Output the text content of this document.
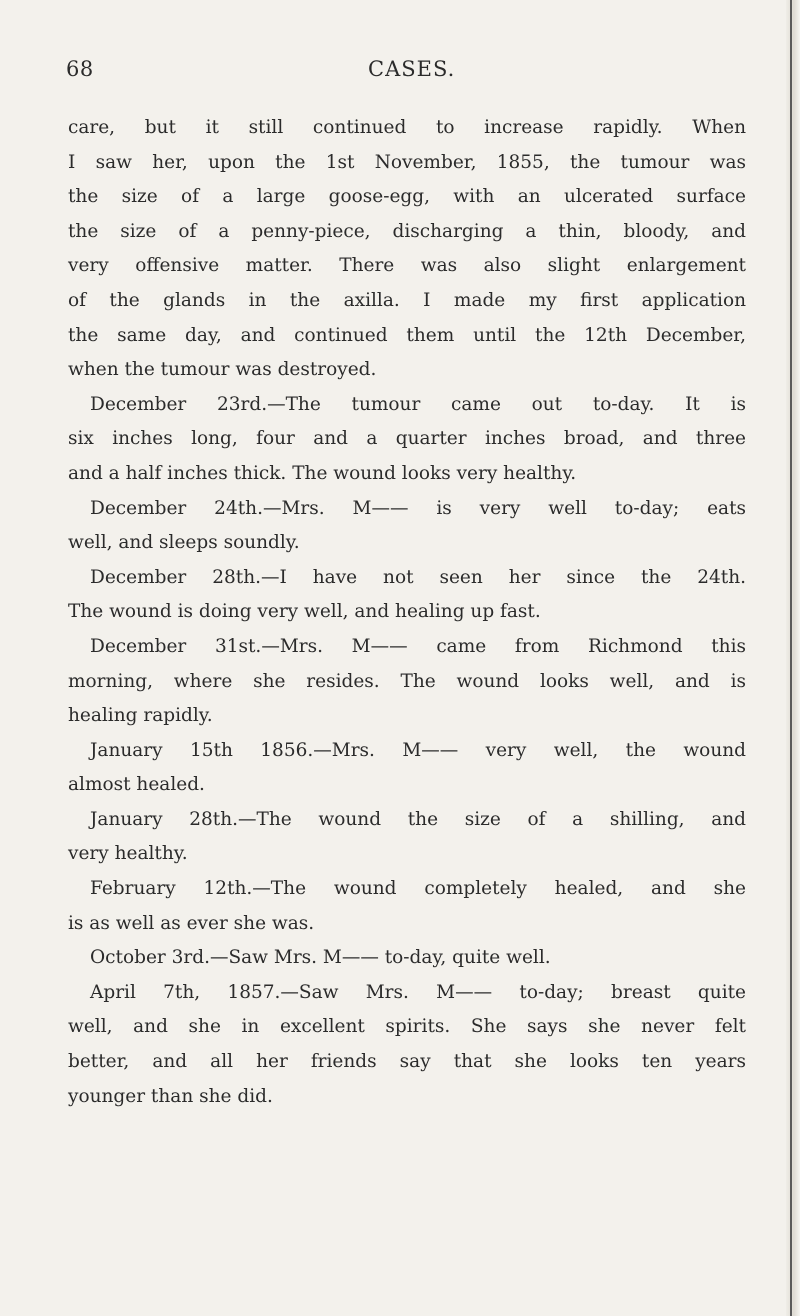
68	CASES.
care, but it still continued to increase rapidly. When
I saw her, upon the 1st November, 1855, the tumour was
the size of a large goose-egg, with an ulcerated surface
the size of a penny-piece, discharging a thin, bloody, and
very offensive matter. There was also slight enlargement
of the glands in the axilla. I made my first application
the same day, and continued them until the 12th December,
when the tumour was destroyed.
December 23rd.—The tumour came out to-day. It is
six inches long, four and a quarter inches broad, and three
and a half inches thick. The wound looks very healthy.
December 24th.—Mrs. M—— is very well to-day; eats
well, and sleeps soundly.
December 28th.—I have not seen her since the 24th.
The wound is doing very well, and healing up fast.
December 31st.—Mrs. M—— came from Richmond this
morning, where she resides. The wound looks well, and is
healing rapidly.
January 15th 1856.—Mrs. M—— very well, the wound
almost healed.
January 28th.—The wound the size of a shilling, and
very healthy.
February 12th.—The wound completely healed, and she
is as well as ever she was.
October 3rd.—Saw Mrs. M—— to-day, quite well.
April 7th, 1857.—Saw Mrs. M—— to-day; breast quite
well, and she in excellent spirits. She says she never felt
better, and all her friends say that she looks ten years
younger than she did.
